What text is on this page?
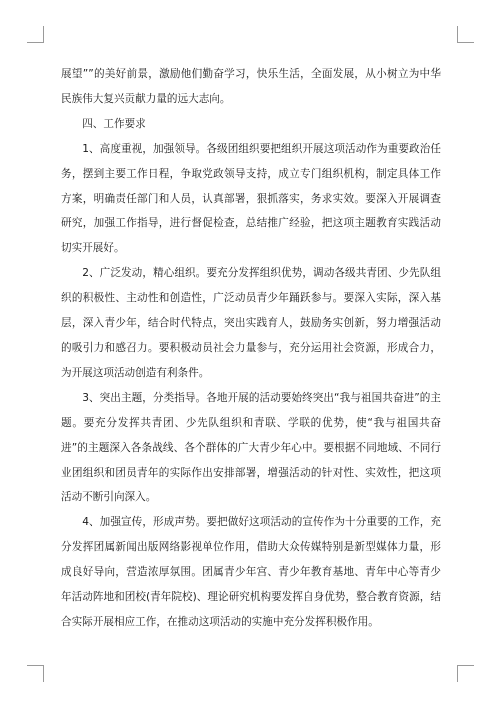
展望””的美好前景，激励他们勤奋学习，快乐生活，全面发展，从小树立为中华民族伟大复兴贡献力量的远大志向。

四、工作要求

1、高度重视，加强领导。各级团组织要把组织开展这项活动作为重要政治任务，摆到主要工作日程，争取党政领导支持，成立专门组织机构，制定具体工作方案，明确责任部门和人员，认真部署，狠抓落实，务求实效。要深入开展调查研究，加强工作指导，进行督促检查，总结推广经验，把这项主题教育实践活动切实开展好。

2、广泛发动，精心组织。要充分发挥组织优势，调动各级共青团、少先队组织的积极性、主动性和创造性，广泛动员青少年踊跃参与。要深入实际，深入基层，深入青少年，结合时代特点，突出实践育人，鼓励务实创新，努力增强活动的吸引力和感召力。要积极动员社会力量参与，充分运用社会资源，形成合力，为开展这项活动创造有利条件。

3、突出主题，分类指导。各地开展的活动要始终突出“我与祖国共奋进”的主题。要充分发挥共青团、少先队组织和青联、学联的优势，使“我与祖国共奋进”的主题深入各条战线、各个群体的广大青少年心中。要根据不同地域、不同行业团组织和团员青年的实际作出安排部署，增强活动的针对性、实效性，把这项活动不断引向深入。

4、加强宣传，形成声势。要把做好这项活动的宣传作为十分重要的工作，充分发挥团属新闻出版网络影视单位作用，借助大众传媒特别是新型媒体力量，形成良好导向，营造浓厚氛围。团属青少年宫、青少年教育基地、青年中心等青少年活动阵地和团校(青年院校)、理论研究机构要发挥自身优势，整合教育资源，结合实际开展相应工作，在推动这项活动的实施中充分发挥积极作用。
